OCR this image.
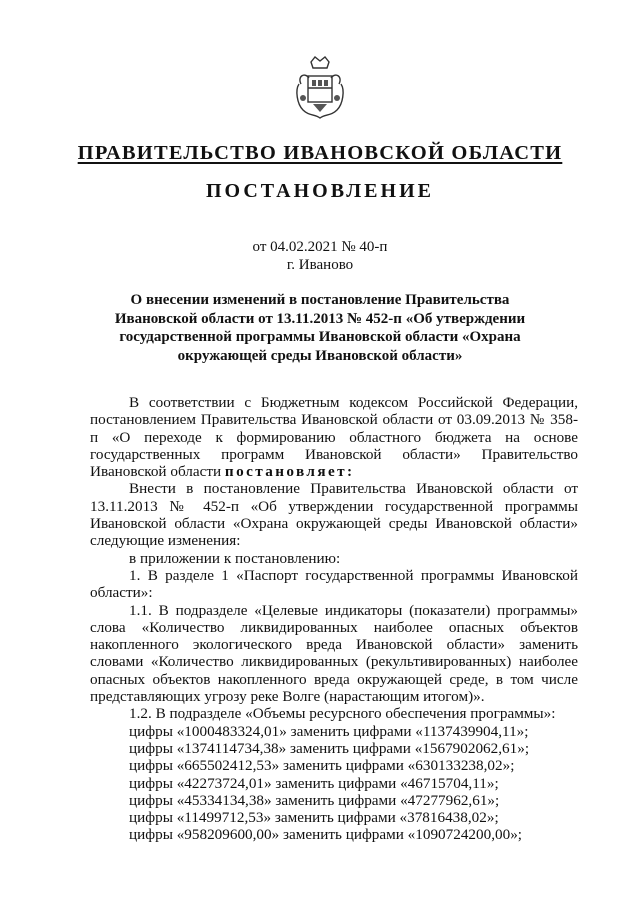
ПРАВИТЕЛЬСТВО ИВАНОВСКОЙ ОБЛАСТИ
ПОСТАНОВЛЕНИЕ
от 04.02.2021 № 40-п
г. Иваново
О внесении изменений в постановление Правительства Ивановской области от 13.11.2013 № 452-п «Об утверждении государственной программы Ивановской области «Охрана окружающей среды Ивановской области»

В соответствии с Бюджетным кодексом Российской Федерации, постановлением Правительства Ивановской области от 03.09.2013 № 358-п «О переходе к формированию областного бюджета на основе государственных программ Ивановской области» Правительство Ивановской области постановляет:

Внести в постановление Правительства Ивановской области от 13.11.2013 № 452-п «Об утверждении государственной программы Ивановской области «Охрана окружающей среды Ивановской области» следующие изменения:

в приложении к постановлению:

1. В разделе 1 «Паспорт государственной программы Ивановской области»:

1.1. В подразделе «Целевые индикаторы (показатели) программы» слова «Количество ликвидированных наиболее опасных объектов накопленного экологического вреда Ивановской области» заменить словами «Количество ликвидированных (рекультивированных) наиболее опасных объектов накопленного вреда окружающей среде, в том числе представляющих угрозу реке Волге (нарастающим итогом)».

1.2. В подразделе «Объемы ресурсного обеспечения программы»:

цифры «1000483324,01» заменить цифрами «1137439904,11»;

цифры «1374114734,38» заменить цифрами «1567902062,61»;

цифры «665502412,53» заменить цифрами «630133238,02»;

цифры «42273724,01» заменить цифрами «46715704,11»;

цифры «45334134,38» заменить цифрами «47277962,61»;

цифры «11499712,53» заменить цифрами «37816438,02»;

цифры «958209600,00» заменить цифрами «1090724200,00»;
